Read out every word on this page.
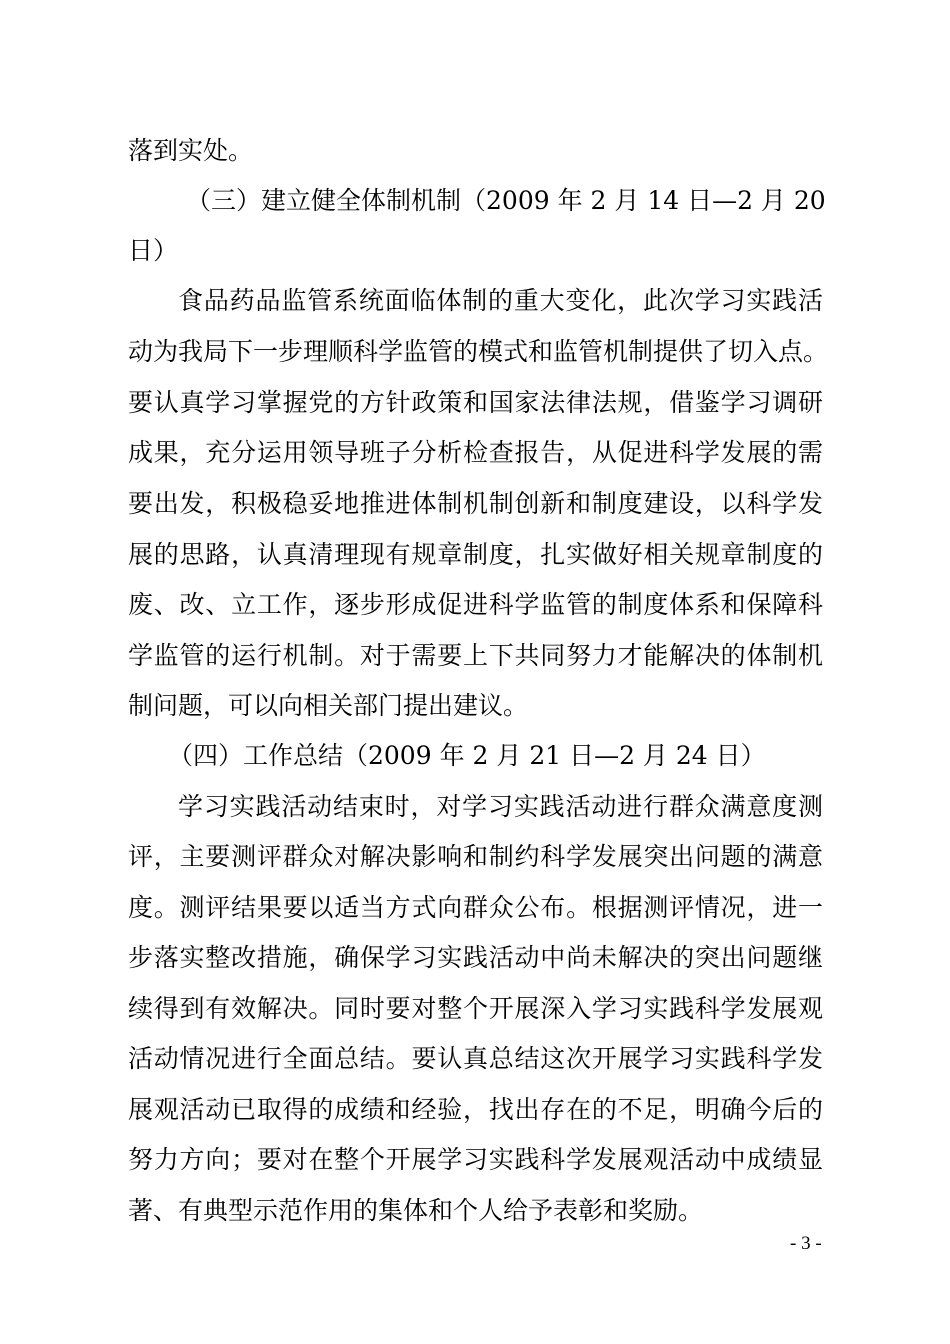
落到实处。
（三）建立健全体制机制（2009 年 2 月 14 日—2 月 20
日）
食品药品监管系统面临体制的重大变化，此次学习实践活
动为我局下一步理顺科学监管的模式和监管机制提供了切入点。
要认真学习掌握党的方针政策和国家法律法规，借鉴学习调研
成果，充分运用领导班子分析检查报告，从促进科学发展的需
要出发，积极稳妥地推进体制机制创新和制度建设，以科学发
展的思路，认真清理现有规章制度，扎实做好相关规章制度的
废、改、立工作，逐步形成促进科学监管的制度体系和保障科
学监管的运行机制。对于需要上下共同努力才能解决的体制机
制问题，可以向相关部门提出建议。
（四）工作总结（2009 年 2 月 21 日—2 月 24 日）
学习实践活动结束时，对学习实践活动进行群众满意度测
评，主要测评群众对解决影响和制约科学发展突出问题的满意
度。测评结果要以适当方式向群众公布。根据测评情况，进一
步落实整改措施，确保学习实践活动中尚未解决的突出问题继
续得到有效解决。同时要对整个开展深入学习实践科学发展观
活动情况进行全面总结。要认真总结这次开展学习实践科学发
展观活动已取得的成绩和经验，找出存在的不足，明确今后的
努力方向；要对在整个开展学习实践科学发展观活动中成绩显
著、有典型示范作用的集体和个人给予表彰和奖励。
- 3 -
